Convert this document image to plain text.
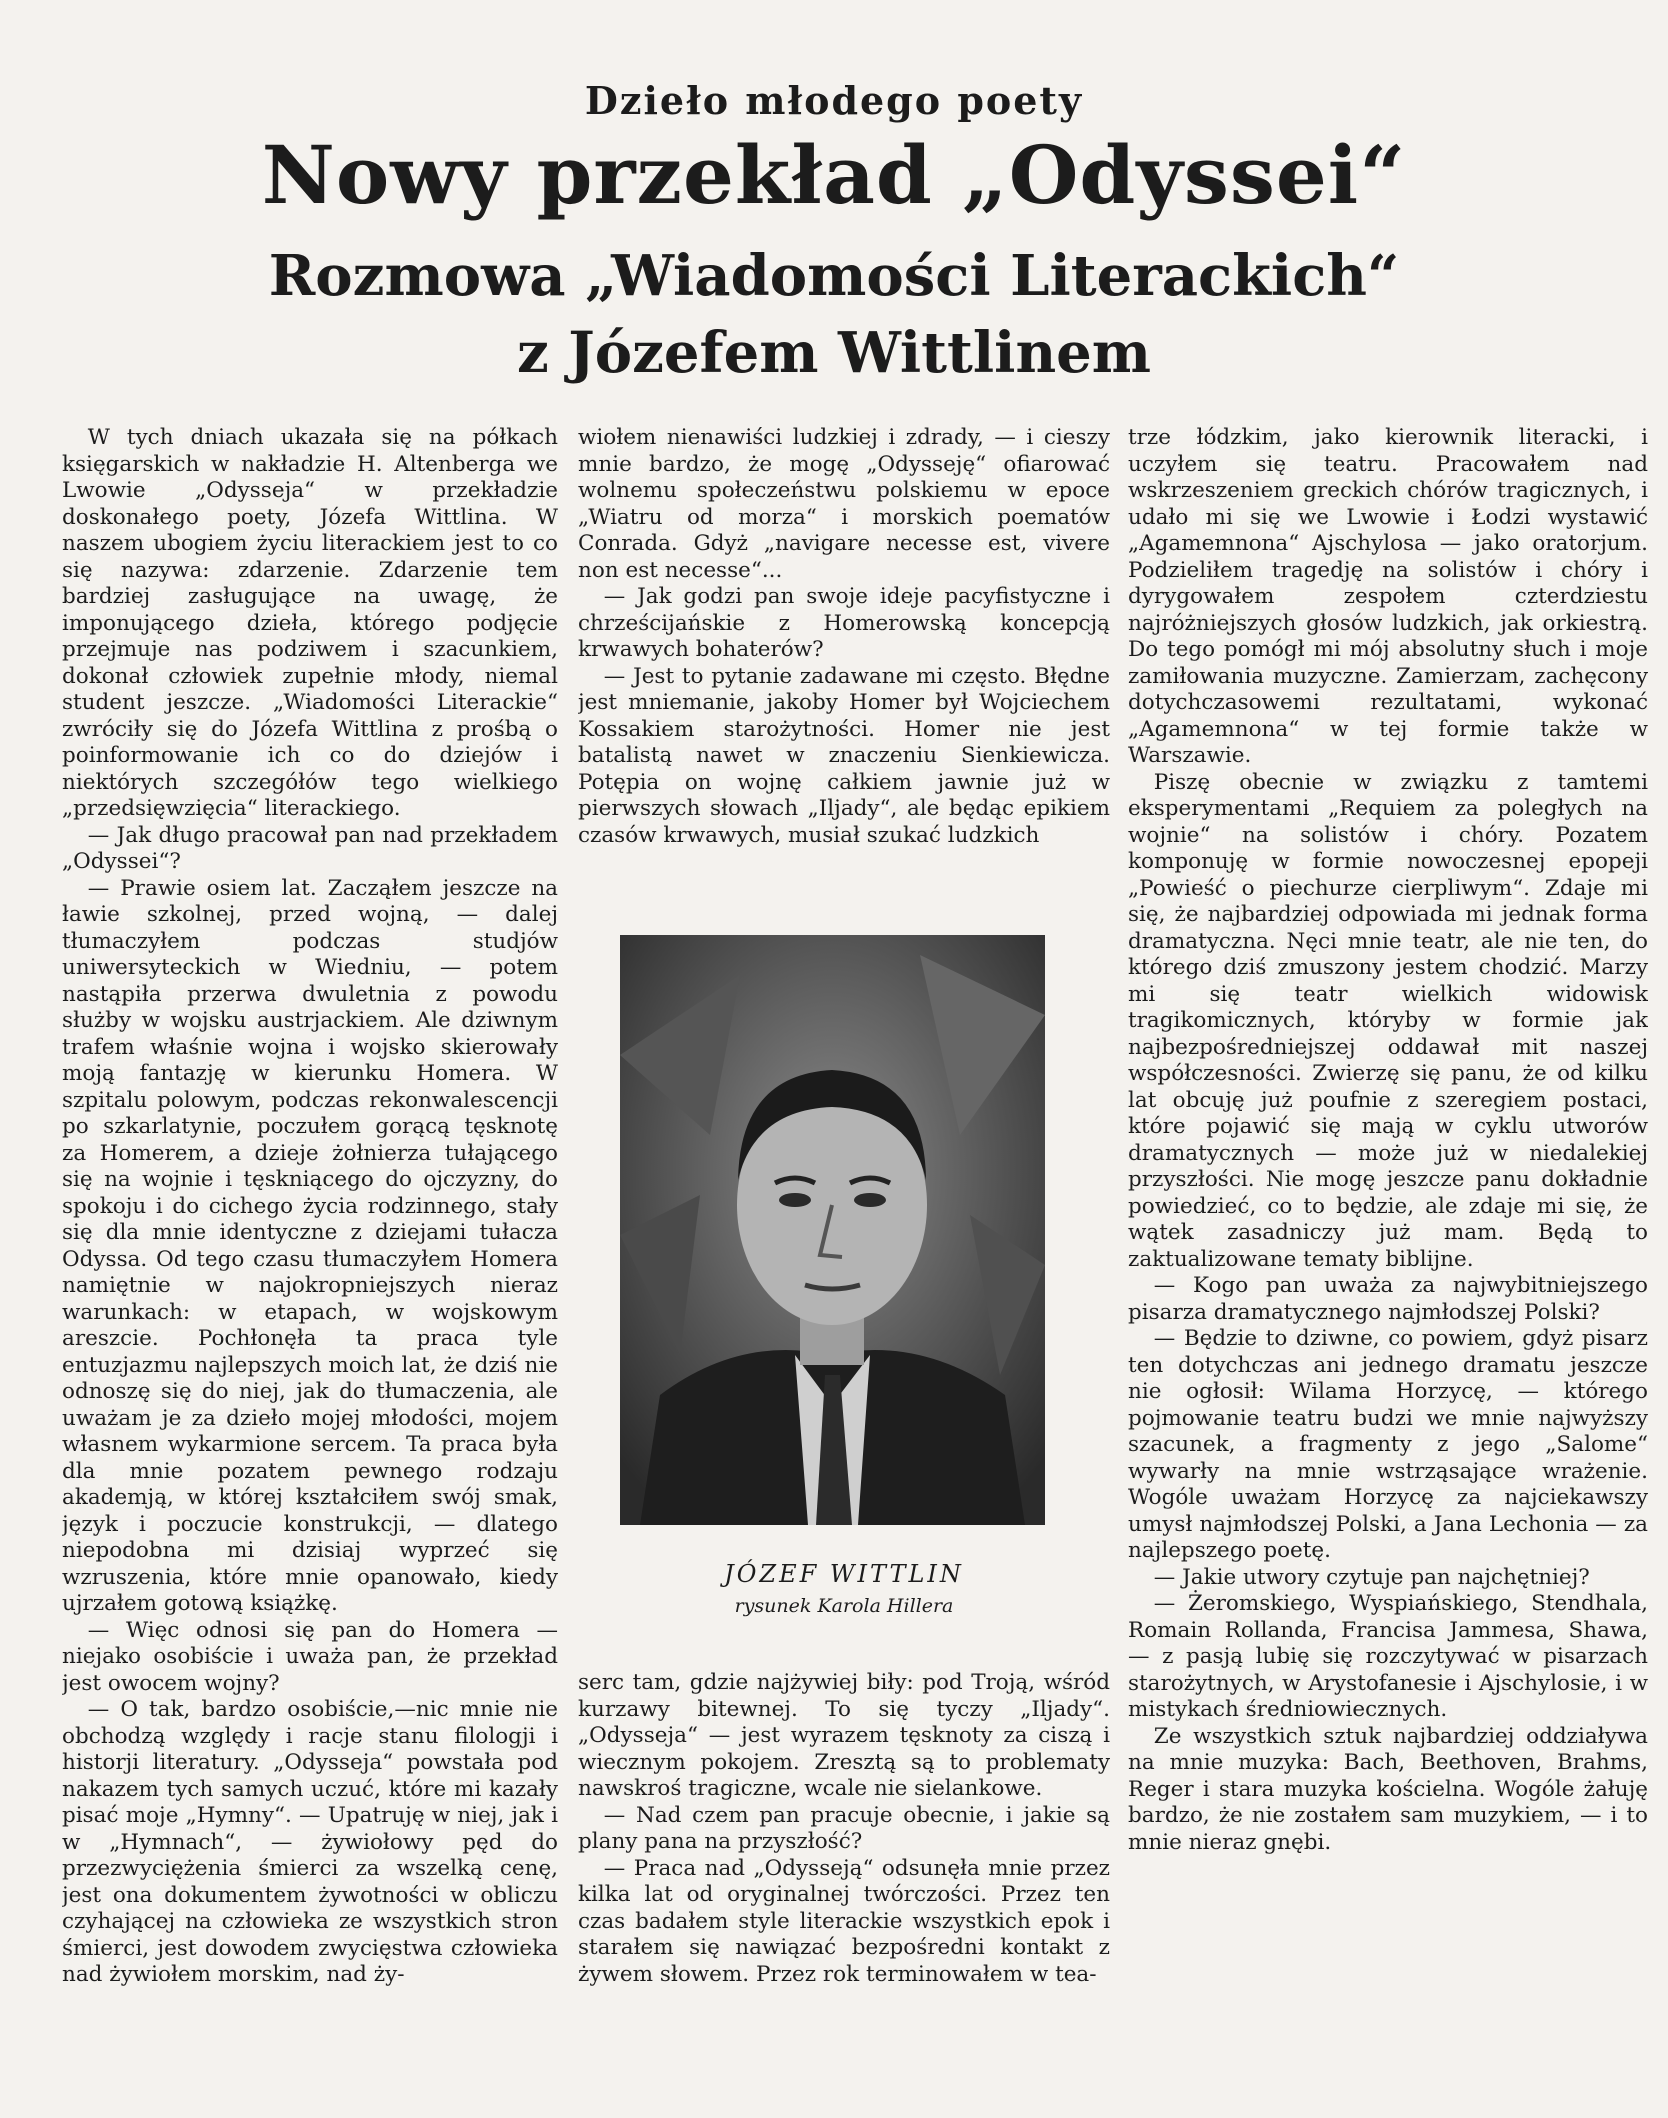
Dzieło młodego poety
Nowy przekład „Odyssei“
Rozmowa „Wiadomości Literackich“
z Józefem Wittlinem

W tych dniach ukazała się na półkach księgarskich w nakładzie H. Altenberga we Lwowie „Odysseja“ w przekładzie doskonałego poety, Józefa Wittlina. W naszem ubogiem życiu literackiem jest to co się nazywa: zdarzenie. Zdarzenie tem bardziej zasługujące na uwagę, że imponującego dzieła, którego podjęcie przejmuje nas podziwem i szacunkiem, dokonał człowiek zupełnie młody, niemal student jeszcze. „Wiadomości Literackie“ zwróciły się do Józefa Wittlina z prośbą o poinformowanie ich co do dziejów i niektórych szczegółów tego wielkiego „przedsięwzięcia“ literackiego.

— Jak długo pracował pan nad przekładem „Odyssei“?

— Prawie osiem lat. Zacząłem jeszcze na ławie szkolnej, przed wojną, — dalej tłumaczyłem podczas studjów uniwersyteckich w Wiedniu, — potem nastąpiła przerwa dwuletnia z powodu służby w wojsku austrjackiem. Ale dziwnym trafem właśnie wojna i wojsko skierowały moją fantazję w kierunku Homera. W szpitalu polowym, podczas rekonwalescencji po szkarlatynie, poczułem gorącą tęsknotę za Homerem, a dzieje żołnierza tułającego się na wojnie i tęskniącego do ojczyzny, do spokoju i do cichego życia rodzinnego, stały się dla mnie identyczne z dziejami tułacza Odyssa. Od tego czasu tłumaczyłem Homera namiętnie w najokropniejszych nieraz warunkach: w etapach, w wojskowym areszcie. Pochłonęła ta praca tyle entuzjazmu najlepszych moich lat, że dziś nie odnoszę się do niej, jak do tłumaczenia, ale uważam je za dzieło mojej młodości, mojem własnem wykarmione sercem. Ta praca była dla mnie pozatem pewnego rodzaju akademją, w której kształciłem swój smak, język i poczucie konstrukcji, — dlatego niepodobna mi dzisiaj wyprzeć się wzruszenia, które mnie opanowało, kiedy ujrzałem gotową książkę.

— Więc odnosi się pan do Homera — niejako osobiście i uważa pan, że przekład jest owocem wojny?

— O tak, bardzo osobiście,—nic mnie nie obchodzą względy i racje stanu filologji i historji literatury. „Odysseja“ powstała pod nakazem tych samych uczuć, które mi kazały pisać moje „Hymny“. — Upatruję w niej, jak i w „Hymnach“, — żywiołowy pęd do przezwyciężenia śmierci za wszelką cenę, jest ona dokumentem żywotności w obliczu czyhającej na człowieka ze wszystkich stron śmierci, jest dowodem zwycięstwa człowieka nad żywiołem morskim, nad ży-

wiołem nienawiści ludzkiej i zdrady, — i cieszy mnie bardzo, że mogę „Odysseję“ ofiarować wolnemu społeczeństwu polskiemu w epoce „Wiatru od morza“ i morskich poematów Conrada. Gdyż „navigare necesse est, vivere non est necesse“...

— Jak godzi pan swoje ideje pacyfistyczne i chrześcijańskie z Homerowską koncepcją krwawych bohaterów?

— Jest to pytanie zadawane mi często. Błędne jest mniemanie, jakoby Homer był Wojciechem Kossakiem starożytności. Homer nie jest batalistą nawet w znaczeniu Sienkiewicza. Potępia on wojnę całkiem jawnie już w pierwszych słowach „Iljady“, ale będąc epikiem czasów krwawych, musiał szukać ludzkich

JÓZEF WITTLIN
rysunek Karola Hillera

serc tam, gdzie najżywiej biły: pod Troją, wśród kurzawy bitewnej. To się tyczy „Iljady“. „Odysseja“ — jest wyrazem tęsknoty za ciszą i wiecznym pokojem. Zresztą są to problematy nawskroś tragiczne, wcale nie sielankowe.

— Nad czem pan pracuje obecnie, i jakie są plany pana na przyszłość?

— Praca nad „Odysseją“ odsunęła mnie przez kilka lat od oryginalnej twórczości. Przez ten czas badałem style literackie wszystkich epok i starałem się nawiązać bezpośredni kontakt z żywem słowem. Przez rok terminowałem w tea-

trze łódzkim, jako kierownik literacki, i uczyłem się teatru. Pracowałem nad wskrzeszeniem greckich chórów tragicznych, i udało mi się we Lwowie i Łodzi wystawić „Agamemnona“ Ajschylosa — jako oratorjum. Podzieliłem tragedję na solistów i chóry i dyrygowałem zespołem czterdziestu najróżniejszych głosów ludzkich, jak orkiestrą. Do tego pomógł mi mój absolutny słuch i moje zamiłowania muzyczne. Zamierzam, zachęcony dotychczasowemi rezultatami, wykonać „Agamemnona“ w tej formie także w Warszawie.

Piszę obecnie w związku z tamtemi eksperymentami „Requiem za poległych na wojnie“ na solistów i chóry. Pozatem komponuję w formie nowoczesnej epopeji „Powieść o piechurze cierpliwym“. Zdaje mi się, że najbardziej odpowiada mi jednak forma dramatyczna. Nęci mnie teatr, ale nie ten, do którego dziś zmuszony jestem chodzić. Marzy mi się teatr wielkich widowisk tragikomicznych, któryby w formie jak najbezpośredniejszej oddawał mit naszej współczesności. Zwierzę się panu, że od kilku lat obcuję już poufnie z szeregiem postaci, które pojawić się mają w cyklu utworów dramatycznych — może już w niedalekiej przyszłości. Nie mogę jeszcze panu dokładnie powiedzieć, co to będzie, ale zdaje mi się, że wątek zasadniczy już mam. Będą to zaktualizowane tematy biblijne.

— Kogo pan uważa za najwybitniejszego pisarza dramatycznego najmłodszej Polski?

— Będzie to dziwne, co powiem, gdyż pisarz ten dotychczas ani jednego dramatu jeszcze nie ogłosił: Wilama Horzycę, — którego pojmowanie teatru budzi we mnie najwyższy szacunek, a fragmenty z jego „Salome“ wywarły na mnie wstrząsające wrażenie. Wogóle uważam Horzycę za najciekawszy umysł najmłodszej Polski, a Jana Lechonia — za najlepszego poetę.

— Jakie utwory czytuje pan najchętniej?

— Żeromskiego, Wyspiańskiego, Stendhala, Romain Rollanda, Francisa Jammesa, Shawa, — z pasją lubię się rozczytywać w pisarzach starożytnych, w Arystofanesie i Ajschylosie, i w mistykach średniowiecznych.

Ze wszystkich sztuk najbardziej oddziaływa na mnie muzyka: Bach, Beethoven, Brahms, Reger i stara muzyka kościelna. Wogóle żałuję bardzo, że nie zostałem sam muzykiem, — i to mnie nieraz gnębi.
